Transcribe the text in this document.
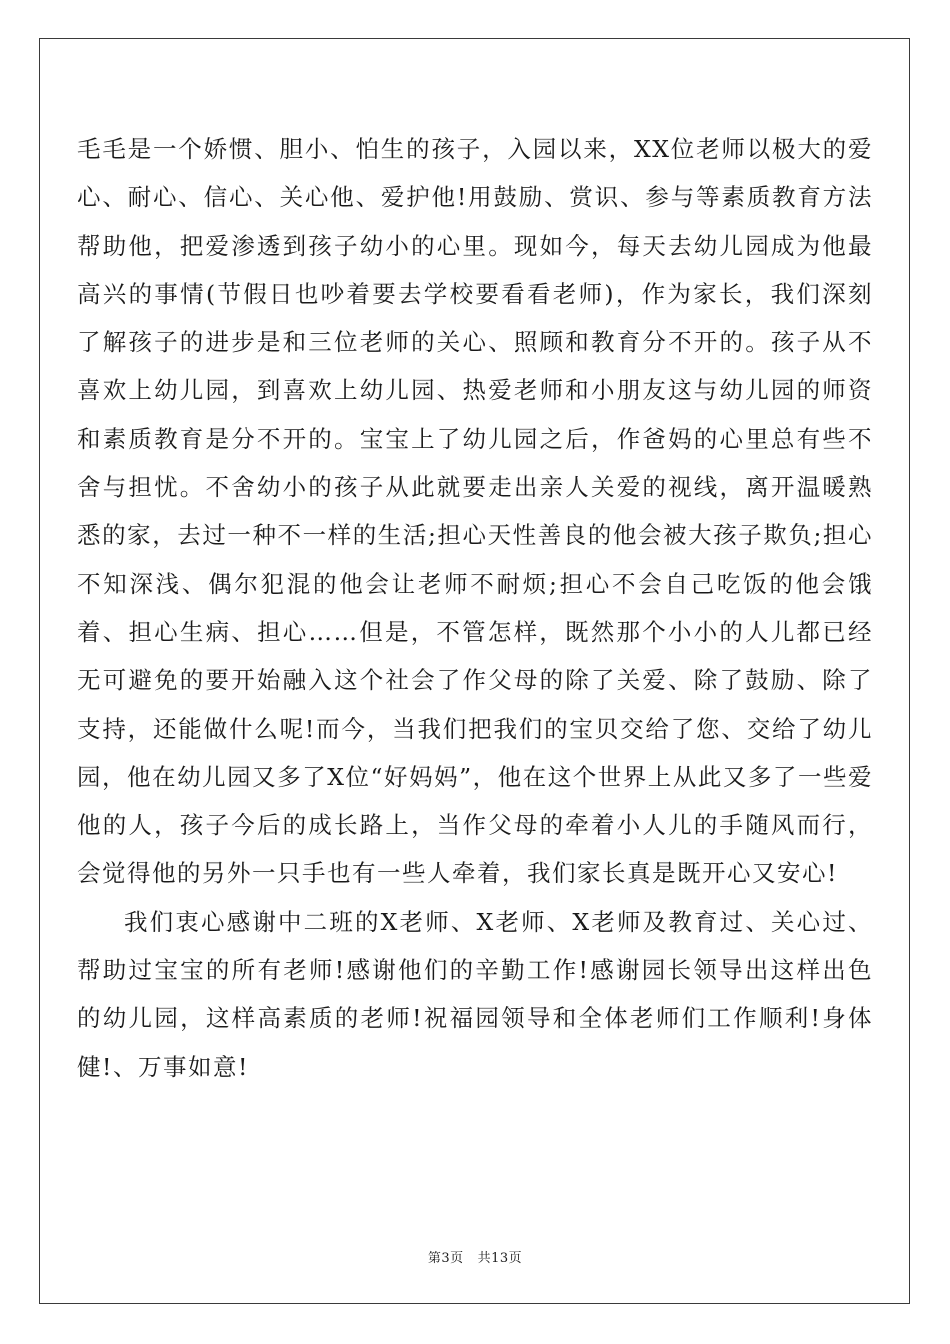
毛毛是一个娇惯、胆小、怕生的孩子，入园以来，XX位老师以极大的爱心、耐心、信心、关心他、爱护他!用鼓励、赏识、参与等素质教育方法帮助他，把爱渗透到孩子幼小的心里。现如今，每天去幼儿园成为他最高兴的事情(节假日也吵着要去学校要看看老师)，作为家长，我们深刻了解孩子的进步是和三位老师的关心、照顾和教育分不开的。孩子从不喜欢上幼儿园，到喜欢上幼儿园、热爱老师和小朋友这与幼儿园的师资和素质教育是分不开的。宝宝上了幼儿园之后，作爸妈的心里总有些不舍与担忧。不舍幼小的孩子从此就要走出亲人关爱的视线，离开温暖熟悉的家，去过一种不一样的生活;担心天性善良的他会被大孩子欺负;担心不知深浅、偶尔犯混的他会让老师不耐烦;担心不会自己吃饭的他会饿着、担心生病、担心……但是，不管怎样，既然那个小小的人儿都已经无可避免的要开始融入这个社会了作父母的除了关爱、除了鼓励、除了支持，还能做什么呢!而今，当我们把我们的宝贝交给了您、交给了幼儿园，他在幼儿园又多了X位“好妈妈”，他在这个世界上从此又多了一些爱他的人，孩子今后的成长路上，当作父母的牵着小人儿的手随风而行，会觉得他的另外一只手也有一些人牵着，我们家长真是既开心又安心!

我们衷心感谢中二班的X老师、X老师、X老师及教育过、关心过、帮助过宝宝的所有老师!感谢他们的辛勤工作!感谢园长领导出这样出色的幼儿园，这样高素质的老师!祝福园领导和全体老师们工作顺利!身体健!、万事如意!

第3页 共13页
